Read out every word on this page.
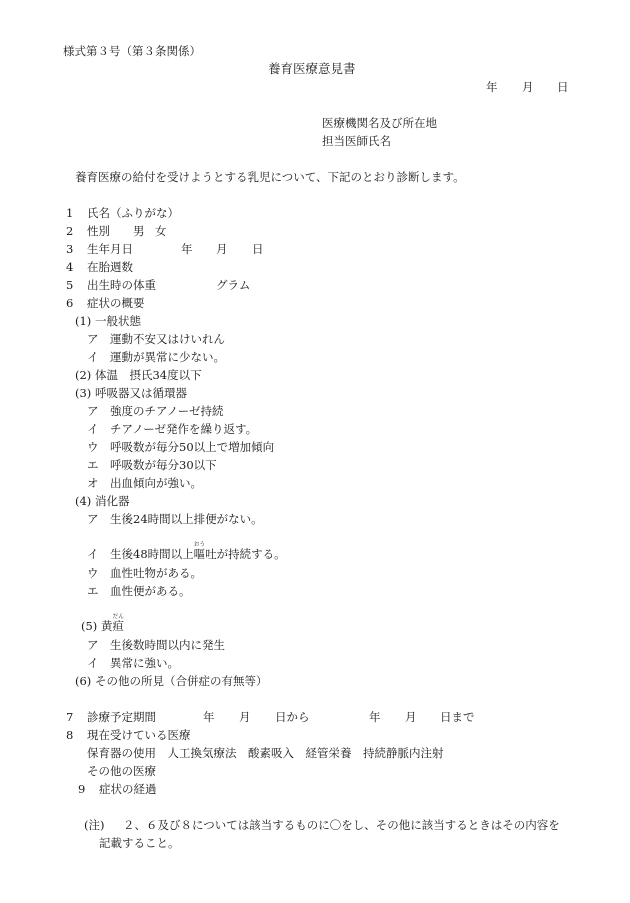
様式第３号（第３条関係）
養育医療意見書
年 月 日
医療機関名及び所在地
担当医師氏名
養育医療の給付を受けようとする乳児について、下記のとおり診断します。
1 氏名（ふりがな）
2 性別 男 女
3 生年月日	年 月 日
4 在胎週数
5 出生時の体重	グラム
6 症状の概要
(1) 一般状態
ア　運動不安又はけいれん
イ　運動が異常に少ない。
(2) 体温　摂氏34度以下
(3) 呼吸器又は循環器
ア　強度のチアノーゼ持続
イ　チアノーゼ発作を繰り返す。
ウ　呼吸数が毎分50以上で増加傾向
エ　呼吸数が毎分30以下
オ　出血傾向が強い。
(4) 消化器
ア　生後24時間以上排便がない。
イ　生後48時間以上嘔おう吐が持続する。
ウ　血性吐物がある。
エ　血性便がある。
(5) 黄疸だん
ア　生後数時間以内に発生
イ　異常に強い。
(6) その他の所見（合併症の有無等）
7 診療予定期間	年 月 日から	年 月 日まで
8 現在受けている医療
保育器の使用　人工換気療法　酸素吸入　経管栄養　持続静脈内注射
その他の医療
9 症状の経過
(注) ２、６及び８については該当するものに〇をし、その他に該当するときはその内容を
記載すること。
